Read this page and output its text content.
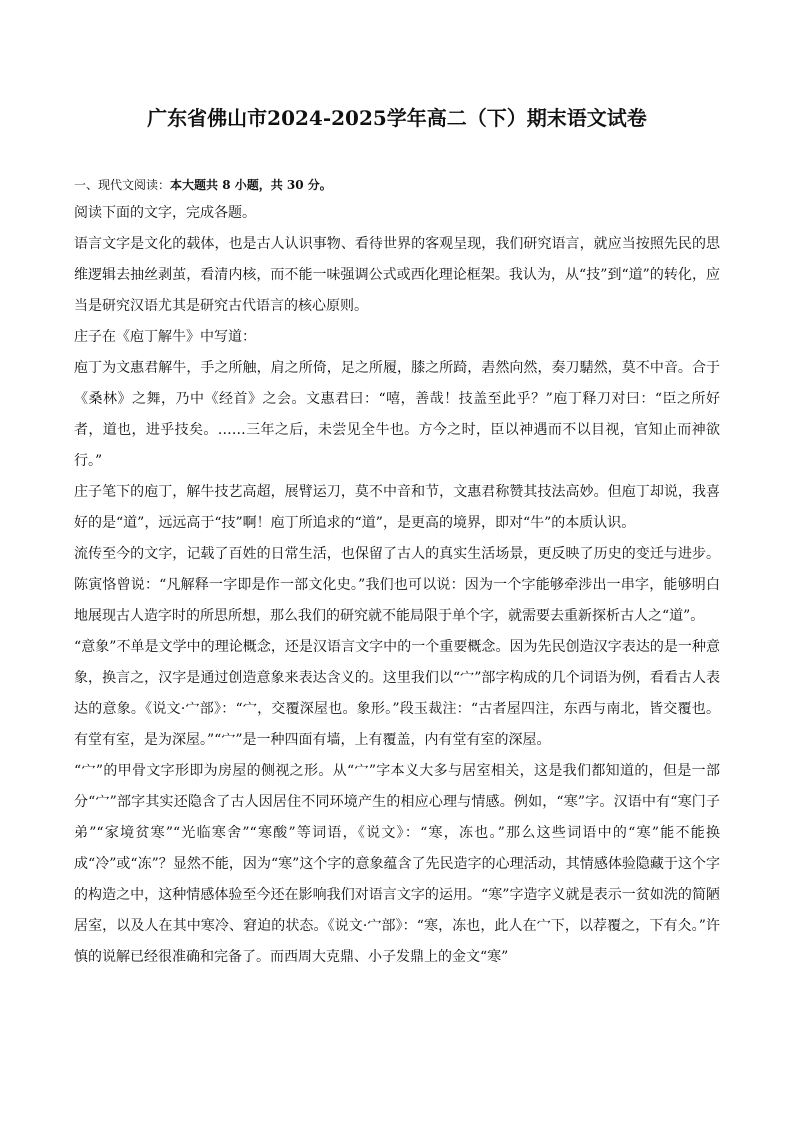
广东省佛山市2024-2025学年高二（下）期末语文试卷

一、现代文阅读：本大题共 8 小题，共 30 分。

阅读下面的文字，完成各题。

语言文字是文化的载体，也是古人认识事物、看待世界的客观呈现，我们研究语言，就应当按照先民的思维逻辑去抽丝剥茧，看清内核，而不能一味强调公式或西化理论框架。我认为，从“技”到“道”的转化，应当是研究汉语尤其是研究古代语言的核心原则。

庄子在《庖丁解牛》中写道：

庖丁为文惠君解牛，手之所触，肩之所倚，足之所履，膝之所踦，砉然向然，奏刀騞然，莫不中音。合于《桑林》之舞，乃中《经首》之会。文惠君曰：“嘻，善哉！技盖至此乎？”庖丁释刀对曰：“臣之所好者，道也，进乎技矣。……三年之后，未尝见全牛也。方今之时，臣以神遇而不以目视，官知止而神欲行。”

庄子笔下的庖丁，解牛技艺高超，展臂运刀，莫不中音和节，文惠君称赞其技法高妙。但庖丁却说，我喜好的是“道”，远远高于“技”啊！庖丁所追求的“道”，是更高的境界，即对“牛”的本质认识。

流传至今的文字，记载了百姓的日常生活，也保留了古人的真实生活场景，更反映了历史的变迁与进步。陈寅恪曾说：“凡解释一字即是作一部文化史。”我们也可以说：因为一个字能够牵涉出一串字，能够明白地展现古人造字时的所思所想，那么我们的研究就不能局限于单个字，就需要去重新探析古人之“道”。

“意象”不单是文学中的理论概念，还是汉语言文字中的一个重要概念。因为先民创造汉字表达的是一种意象，换言之，汉字是通过创造意象来表达含义的。这里我们以“宀”部字构成的几个词语为例，看看古人表达的意象。《说文·宀部》：“宀，交覆深屋也。象形。”段玉裁注：“古者屋四注，东西与南北，皆交覆也。有堂有室，是为深屋。”“宀”是一种四面有墙，上有覆盖，内有堂有室的深屋。

“宀”的甲骨文字形即为房屋的侧视之形。从“宀”字本义大多与居室相关，这是我们都知道的，但是一部分“宀”部字其实还隐含了古人因居住不同环境产生的相应心理与情感。例如，“寒”字。汉语中有“寒门子弟”“家境贫寒”“光临寒舍”“寒酸”等词语，《说文》：“寒，冻也。”那么这些词语中的“寒”能不能换成“冷”或“冻”？显然不能，因为“寒”这个字的意象蕴含了先民造字的心理活动，其情感体验隐藏于这个字的构造之中，这种情感体验至今还在影响我们对语言文字的运用。“寒”字造字义就是表示一贫如洗的简陋居室，以及人在其中寒冷、窘迫的状态。《说文·宀部》：“寒，冻也，此人在宀下，以荐覆之，下有仌。”许慎的说解已经很准确和完备了。而西周大克鼎、小子发鼎上的金文“寒”
